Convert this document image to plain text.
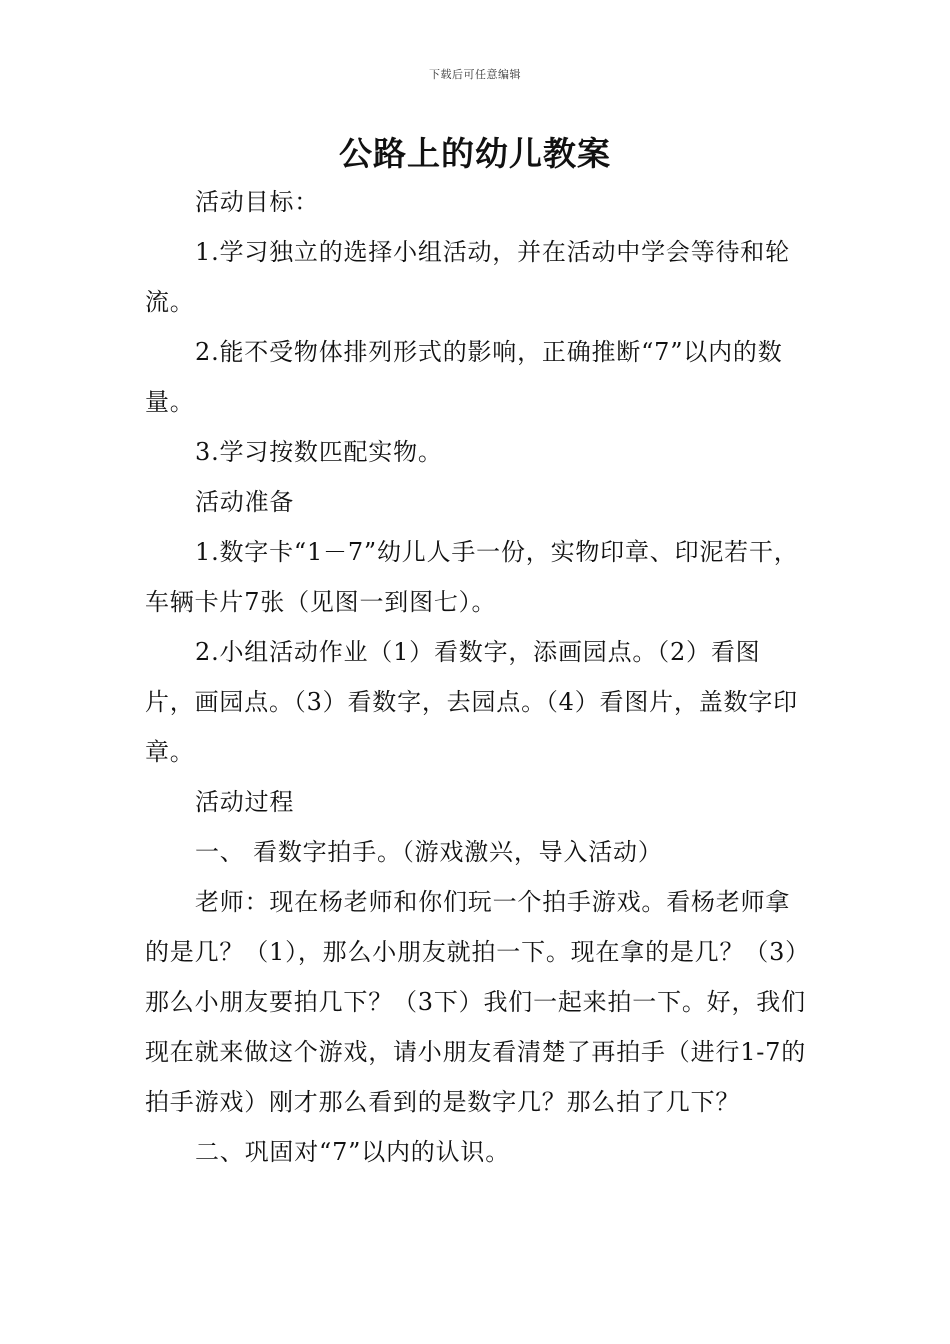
下载后可任意编辑
公路上的幼儿教案

活动目标：

1.学习独立的选择小组活动，并在活动中学会等待和轮流。

2.能不受物体排列形式的影响，正确推断“7”以内的数量。

3.学习按数匹配实物。

活动准备

1.数字卡“1－7”幼儿人手一份，实物印章、印泥若干，车辆卡片7张（见图一到图七）。

2.小组活动作业（1）看数字，添画园点。（2）看图片，画园点。（3）看数字，去园点。（4）看图片，盖数字印章。

活动过程

一、 看数字拍手。（游戏激兴，导入活动）

老师：现在杨老师和你们玩一个拍手游戏。看杨老师拿的是几？（1），那么小朋友就拍一下。现在拿的是几？（3）那么小朋友要拍几下？（3下）我们一起来拍一下。好，我们现在就来做这个游戏，请小朋友看清楚了再拍手（进行1-7的拍手游戏）刚才那么看到的是数字几？那么拍了几下？

二、巩固对“7”以内的认识。
